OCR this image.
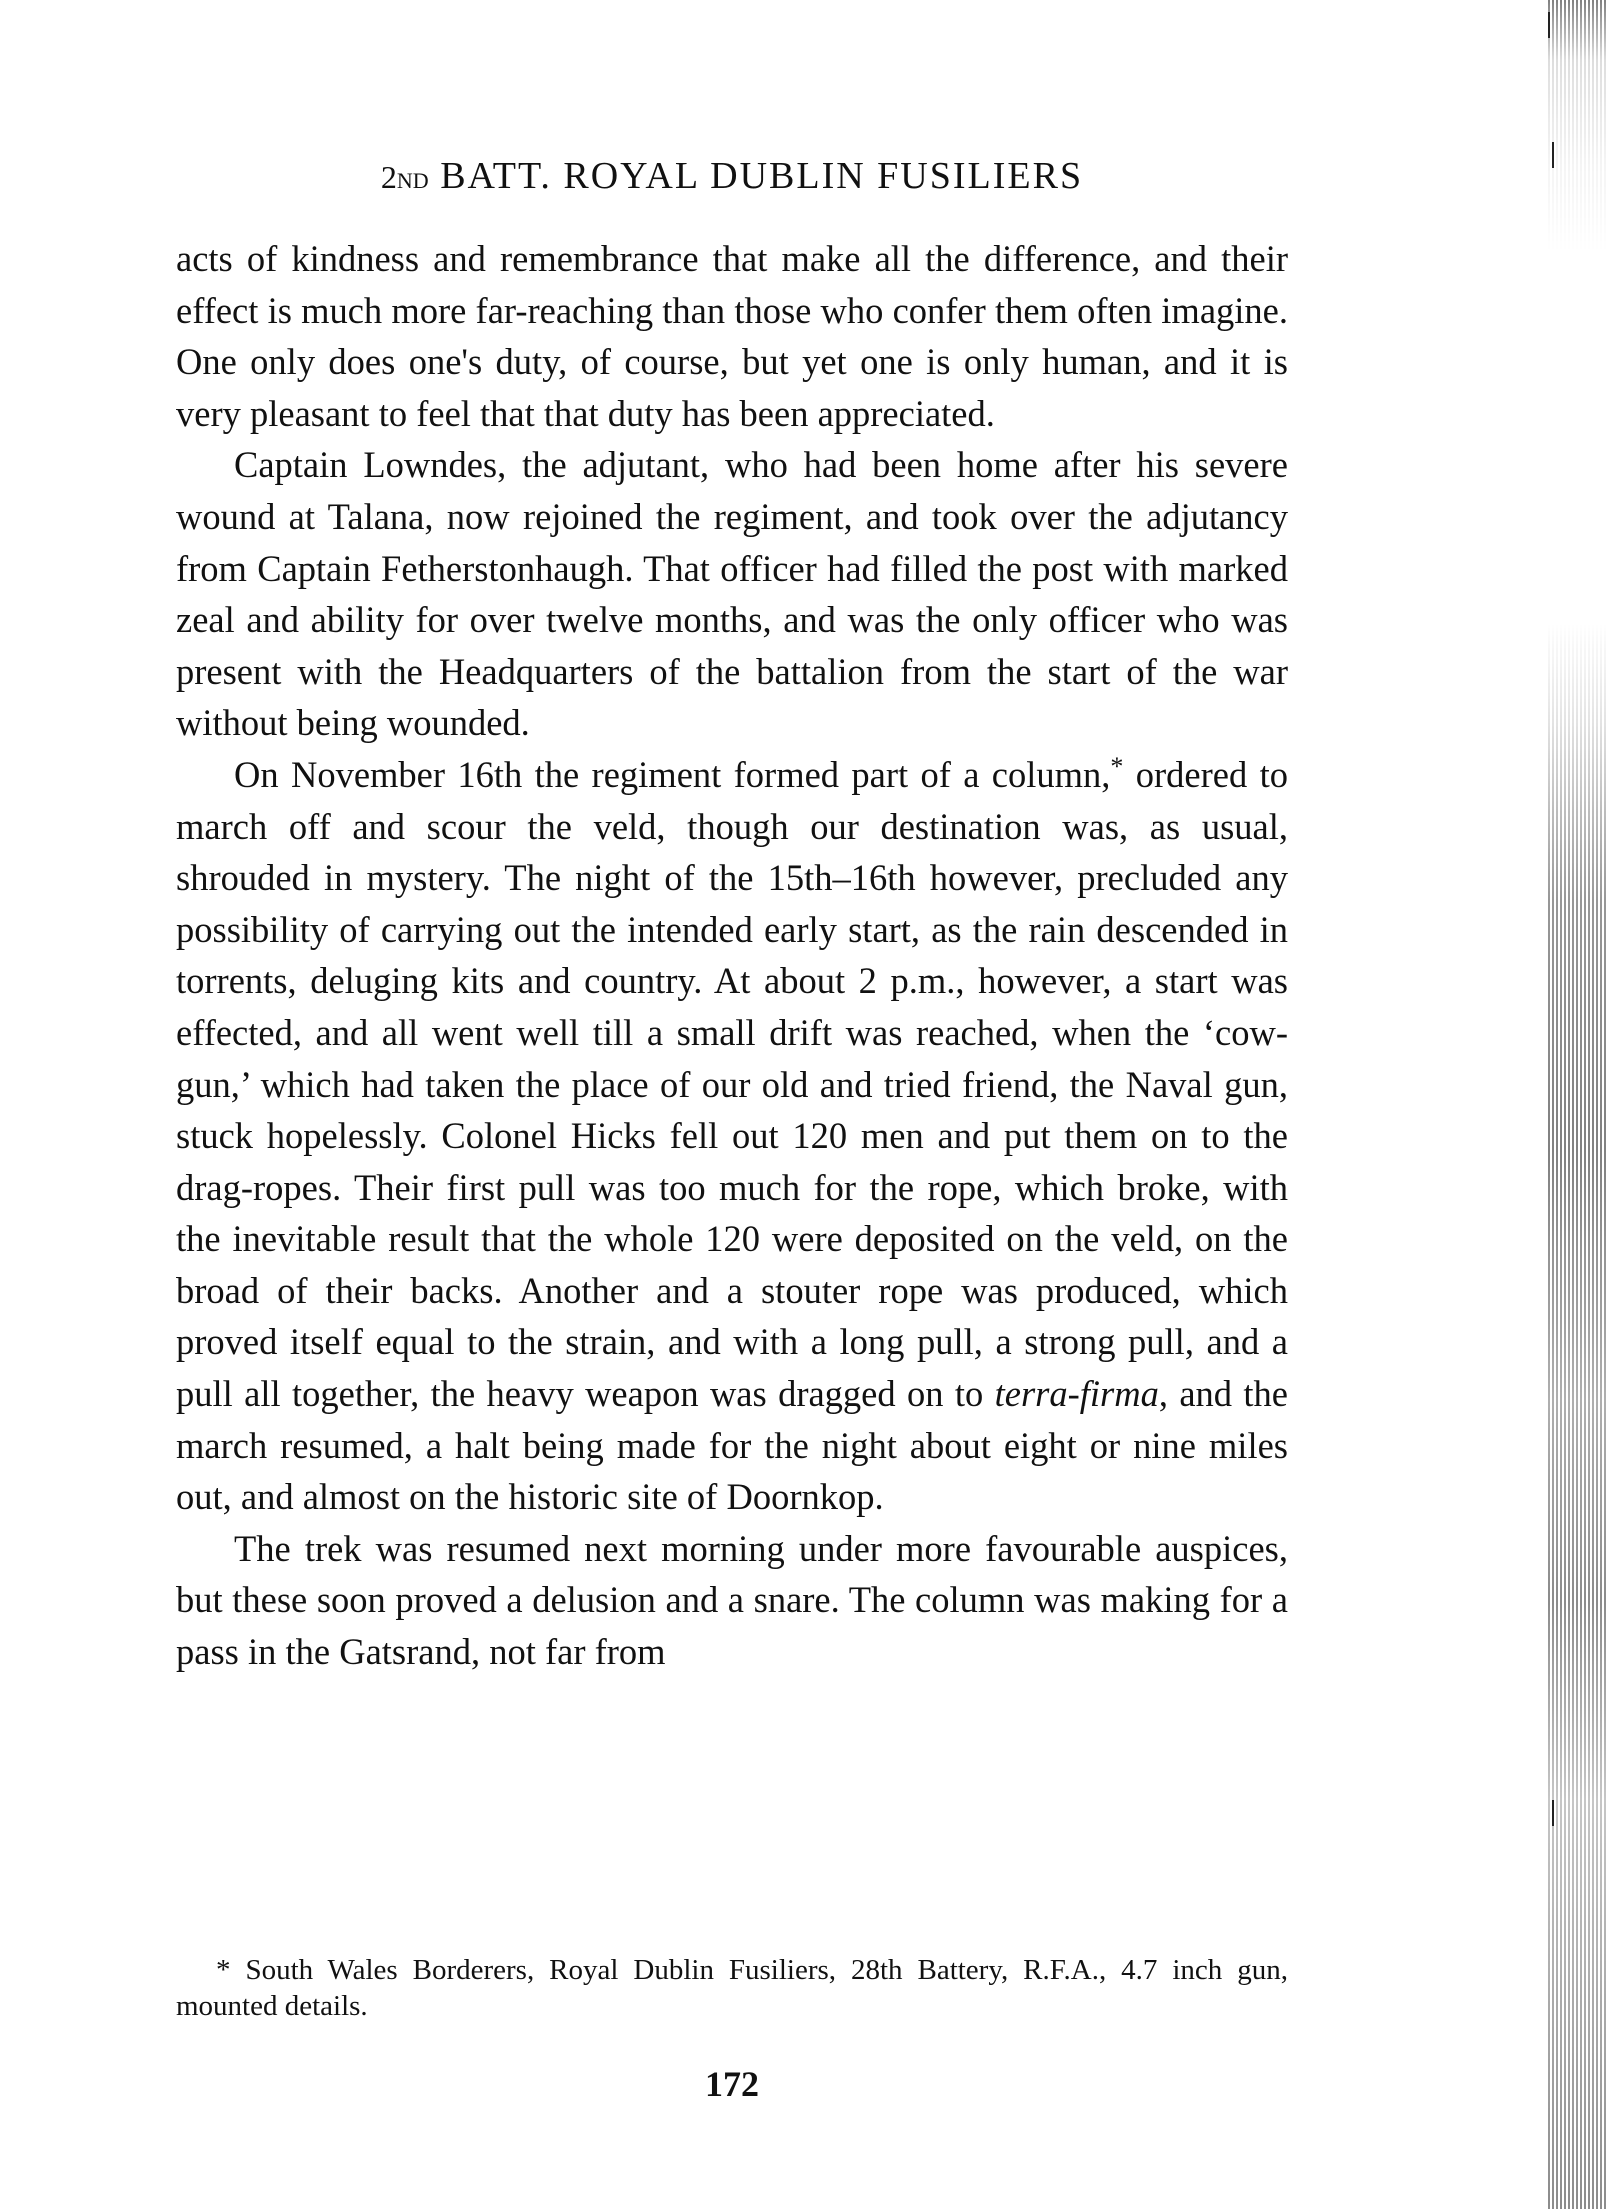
2nd BATT. ROYAL DUBLIN FUSILIERS

acts of kindness and remembrance that make all the difference, and their effect is much more far-reaching than those who confer them often imagine. One only does one's duty, of course, but yet one is only human, and it is very pleasant to feel that that duty has been appreciated.

Captain Lowndes, the adjutant, who had been home after his severe wound at Talana, now rejoined the regiment, and took over the adjutancy from Captain Fetherstonhaugh. That officer had filled the post with marked zeal and ability for over twelve months, and was the only officer who was present with the Headquarters of the battalion from the start of the war without being wounded.

On November 16th the regiment formed part of a column,* ordered to march off and scour the veld, though our destination was, as usual, shrouded in mystery. The night of the 15th–16th however, precluded any possibility of carrying out the intended early start, as the rain descended in torrents, deluging kits and country. At about 2 p.m., however, a start was effected, and all went well till a small drift was reached, when the ‘cow-gun,’ which had taken the place of our old and tried friend, the Naval gun, stuck hopelessly. Colonel Hicks fell out 120 men and put them on to the drag-ropes. Their first pull was too much for the rope, which broke, with the inevitable result that the whole 120 were deposited on the veld, on the broad of their backs. Another and a stouter rope was produced, which proved itself equal to the strain, and with a long pull, a strong pull, and a pull all together, the heavy weapon was dragged on to terra-firma, and the march resumed, a halt being made for the night about eight or nine miles out, and almost on the historic site of Doornkop.

The trek was resumed next morning under more favourable auspices, but these soon proved a delusion and a snare. The column was making for a pass in the Gatsrand, not far from

* South Wales Borderers, Royal Dublin Fusiliers, 28th Battery, R.F.A., 4.7 inch gun, mounted details.

172
